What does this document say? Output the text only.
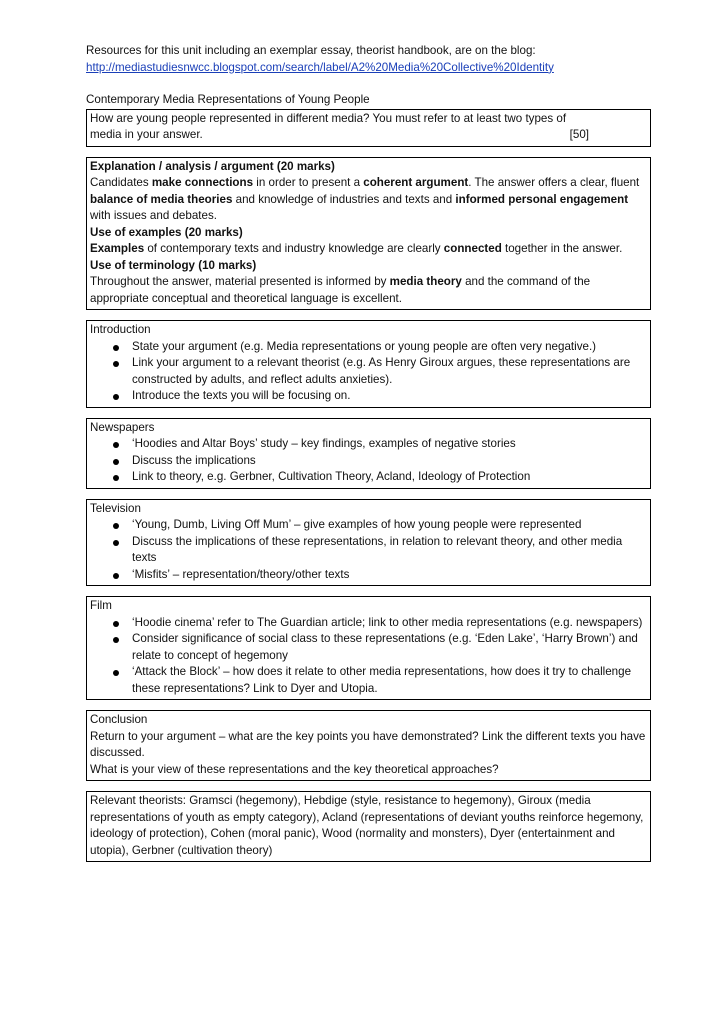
Resources for this unit including an exemplar essay, theorist handbook, are on the blog:

http://mediastudiesnwcc.blogspot.com/search/label/A2%20Media%20Collective%20Identity

Contemporary Media Representations of Young People

How are young people represented in different media? You must refer to at least two types of

media in your answer.	[50]

Explanation / analysis / argument (20 marks)

Candidates make connections in order to present a coherent argument. The answer offers a clear, fluent balance of media theories and knowledge of industries and texts and informed personal engagement with issues and debates.

Use of examples (20 marks)

Examples of contemporary texts and industry knowledge are clearly connected together in the answer.

Use of terminology (10 marks)

Throughout the answer, material presented is informed by media theory and the command of the appropriate conceptual and theoretical language is excellent.

Introduction

State your argument (e.g. Media representations or young people are often very negative.)
Link your argument to a relevant theorist (e.g. As Henry Giroux argues, these representations are constructed by adults, and reflect adults anxieties).
Introduce the texts you will be focusing on.

Newspapers

‘Hoodies and Altar Boys’ study – key findings, examples of negative stories
Discuss the implications
Link to theory, e.g. Gerbner, Cultivation Theory, Acland, Ideology of Protection

Television

‘Young, Dumb, Living Off Mum’ – give examples of how young people were represented
Discuss the implications of these representations, in relation to relevant theory, and other media texts
‘Misfits’ – representation/theory/other texts

Film

‘Hoodie cinema’ refer to The Guardian article; link to other media representations (e.g. newspapers)
Consider significance of social class to these representations (e.g. ‘Eden Lake’, ‘Harry Brown’) and relate to concept of hegemony
‘Attack the Block’ – how does it relate to other media representations, how does it try to challenge these representations? Link to Dyer and Utopia.

Conclusion

Return to your argument – what are the key points you have demonstrated? Link the different texts you have discussed.

What is your view of these representations and the key theoretical approaches?

Relevant theorists: Gramsci (hegemony), Hebdige (style, resistance to hegemony), Giroux (media representations of youth as empty category), Acland (representations of deviant youths reinforce hegemony, ideology of protection), Cohen (moral panic), Wood (normality and monsters), Dyer (entertainment and utopia), Gerbner (cultivation theory)
